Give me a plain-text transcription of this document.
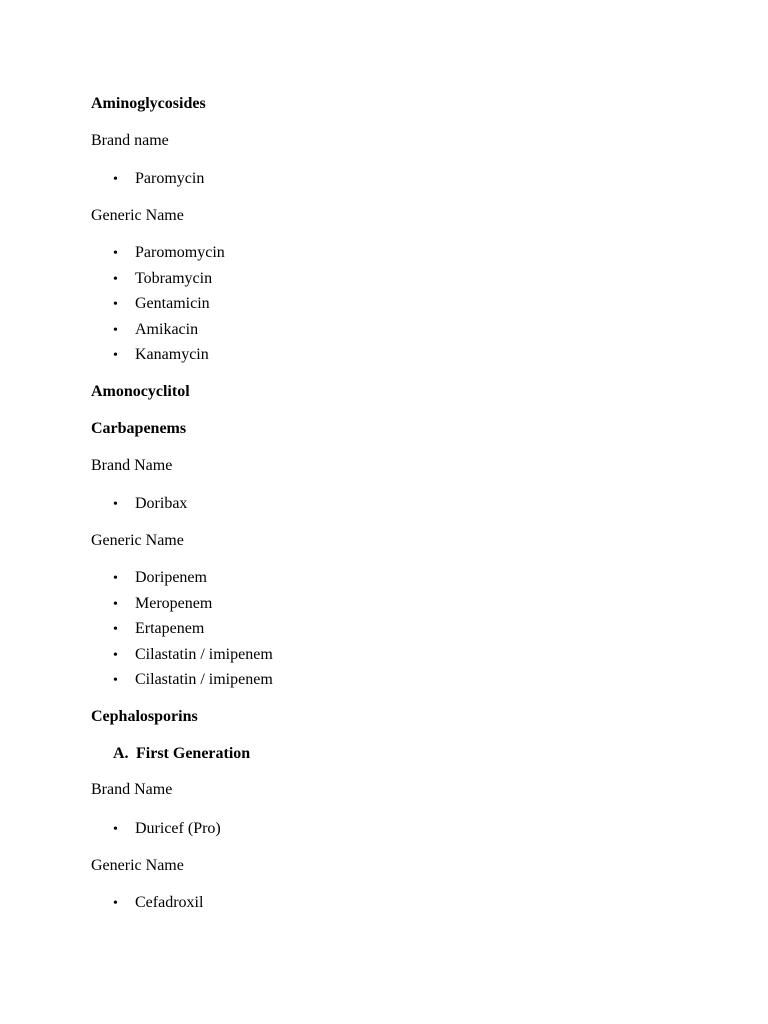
Aminoglycosides
Brand name
• Paromycin
Generic Name
• Paromomycin
• Tobramycin
• Gentamicin
• Amikacin
• Kanamycin
Amonocyclitol
Carbapenems
Brand Name
• Doribax
Generic Name
• Doripenem
• Meropenem
• Ertapenem
• Cilastatin / imipenem
• Cilastatin / imipenem
Cephalosporins
A. First Generation
Brand Name
• Duricef (Pro)
Generic Name
• Cefadroxil
